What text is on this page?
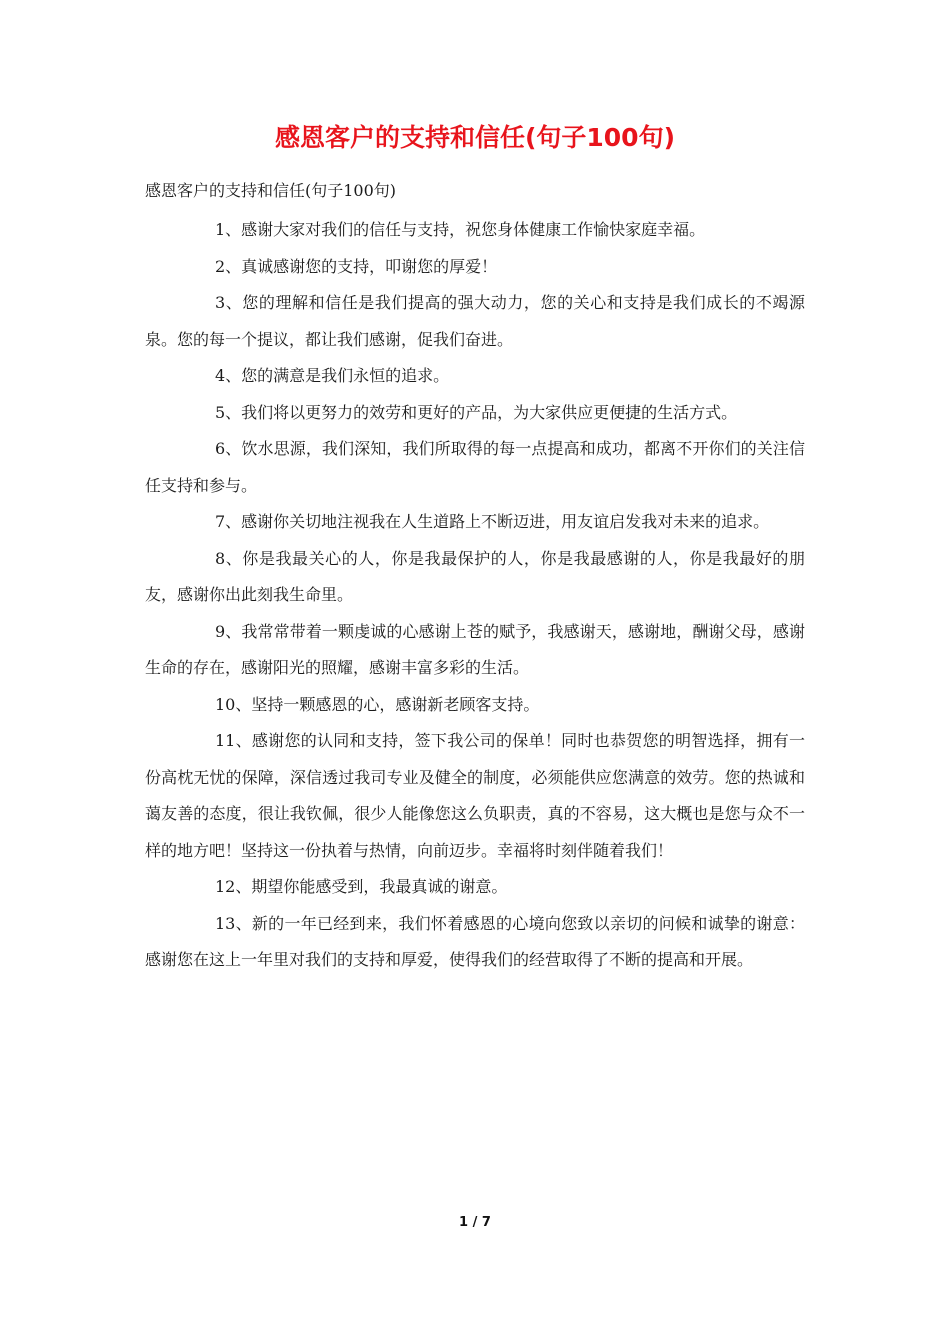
感恩客户的支持和信任(句子100句)

感恩客户的支持和信任(句子100句)

1、感谢大家对我们的信任与支持，祝您身体健康工作愉快家庭幸福。

2、真诚感谢您的支持，叩谢您的厚爱！

3、您的理解和信任是我们提高的强大动力，您的关心和支持是我们成长的不竭源泉。您的每一个提议，都让我们感谢，促我们奋进。

4、您的满意是我们永恒的追求。

5、我们将以更努力的效劳和更好的产品，为大家供应更便捷的生活方式。

6、饮水思源，我们深知，我们所取得的每一点提高和成功，都离不开你们的关注信任支持和参与。

7、感谢你关切地注视我在人生道路上不断迈进，用友谊启发我对未来的追求。

8、你是我最关心的人，你是我最保护的人，你是我最感谢的人，你是我最好的朋友，感谢你出此刻我生命里。

9、我常常带着一颗虔诚的心感谢上苍的赋予，我感谢天，感谢地，酬谢父母，感谢生命的存在，感谢阳光的照耀，感谢丰富多彩的生活。

10、坚持一颗感恩的心，感谢新老顾客支持。

11、感谢您的认同和支持，签下我公司的保单！同时也恭贺您的明智选择，拥有一份高枕无忧的保障，深信透过我司专业及健全的制度，必须能供应您满意的效劳。您的热诚和蔼友善的态度，很让我钦佩，很少人能像您这么负职责，真的不容易，这大概也是您与众不一样的地方吧！坚持这一份执着与热情，向前迈步。幸福将时刻伴随着我们！

12、期望你能感受到，我最真诚的谢意。

13、新的一年已经到来，我们怀着感恩的心境向您致以亲切的问候和诚挚的谢意：感谢您在这上一年里对我们的支持和厚爱，使得我们的经营取得了不断的提高和开展。

1 / 7
